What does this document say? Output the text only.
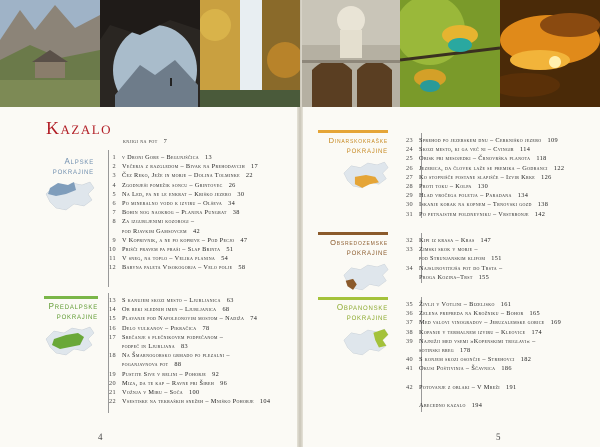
Kazalo
knjigi na pot 7
Alpske
pokrajine
1 v Droni Gore – Begunjščica 13
2 Večerja z razgledom – Bivak na Prehodavcih 17
3 Čez Reko, Ježe in morje – Dolina Tolminke 22
4 Zgodnješi pomežik soncu – Grintovec 26
5 Na Led, pa ne le enkrat – Kriško jezero 30
6 Po mineralno vodo k izviru – Olševa 34
7 Bohin nog naokrog – Planina Pungrat 38
8 Za izgubljenimi kozorogi –
pod Rjavkim Gamsovcem 42
9 V Koprivnik, a ne po koprive – Pod Pecjo 47
10 Prišči pravem pa praši – Slap Brinta 51
11 V sneg, na toplo – Velika planina 54
12 Barvna paleta Visokogorja – Velo polje 58
Predalpske
pokrajine
13 S kanujem skozi mesto – Ljubljanica 63
14 Ob reki slednih imen – Ljubljanica 68
15 Plavanje pod Napoleonovim mostom – Nadiža 74
16 Delo vulkanov – Pikračica 78
17 Srečanje s plečnikovem podpečanom –
podpeč in Ljubljana 83
18 Na Šmarnogorsko grmado po plezalni –
poganjavnova pot 88
19 Pustite Sive v belini – Pohorje 92
20 Miza, da te kap – Ravne pri Šibeh 96
21 Vožnja v Miru – Soča 100
22 Vsestiske na tekraških snežeh – Mniško Pohorje 104
4
Dinarskokraške
pokrajine
23 Sprehod po jezerskem dnu – Cerkniško jezero 109
24 Skozi mesto, ki ga več ni – Cvingir 114
25 Obisk pri mesojedki – Črnovrška planota 118
26 Jezerica, da človek laže se premika – Godbanci 122
27 Ko stopnišče postane slapišče – Izvir Krke 126
28 Proti toku – Kolpa 130
29 Hlad vročega poletja – Paradana 134
30 Iskanje korak na kopnem – Trnovski gozd 138
31 Po petnajstem poldnevniku – Vrstrbonje 142
Obsredozemske
pokrajine
32 Kipi iz krasa – Kras 147
33 Zimski skok v morje –
pod Strunjanskim klifom 151
34 Najslinovitejša pot do Trsta –
Proga Kozina–Trst 155
Obpanonske
pokrajine
35 Življi v Votlini – Bizeljsko 161
36 Zelena prepreda na Krožniku – Bohor 165
37 Med valovi vinogradov – Jeruzalemske gorice 169
38 Kopanje v termalnem izviru – Kleovice 174
39 Najnižji med vsemi »Kopenskimi triglavi« –
sotinski breg 178
40 S konjem skozi osončje – Strehovci 182
41 Okusi Poštivinja – Ščavnica 186
42 Potovanje z oblaki – V Mreži 191
Abecedno kazalo 194
5
